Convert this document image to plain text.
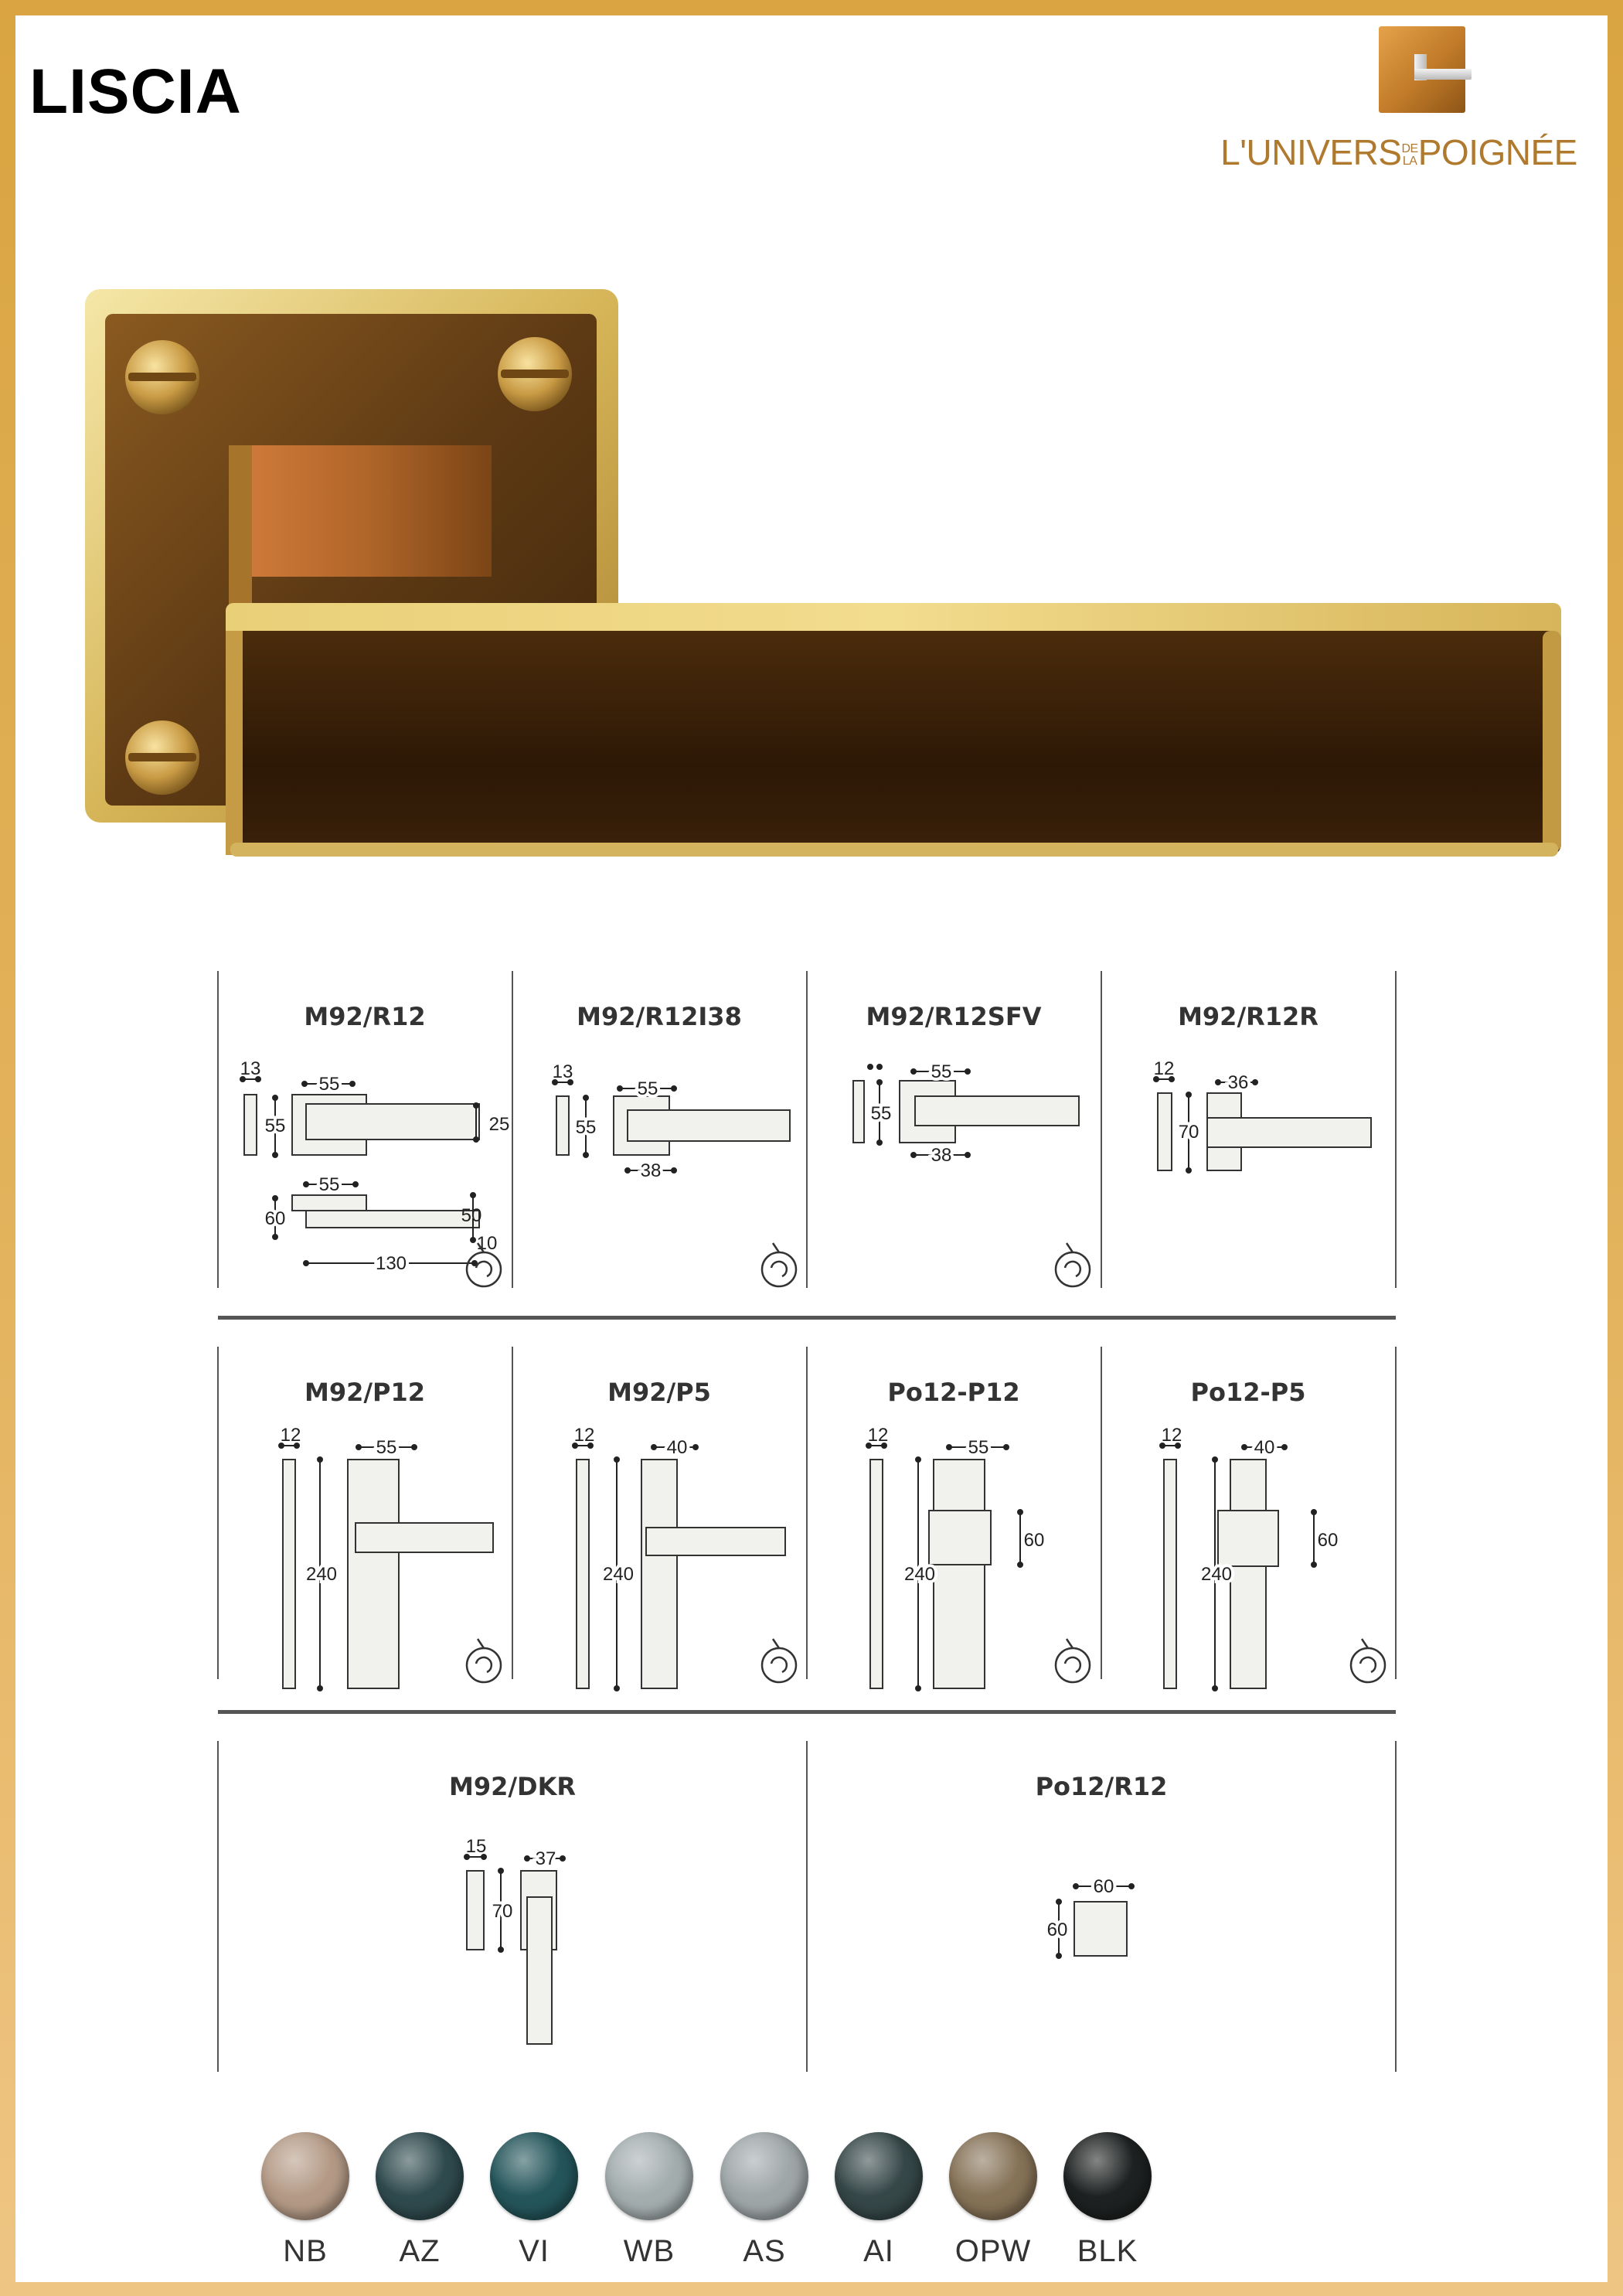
LISCIA
L'UNIVERSDE
LAPOIGNÉE
M92/R12	M92/R12I38	M92/R12SFV	M92/R12R
M92/P12	M92/P5	Po12-P12	Po12-P5
M92/DKR	Po12/R12
13
55
55	25
55
60	50
10
130
13
55
55
38
55
55
38
12
36
70
12
55
240
12
40
240
12
55
240
60
12
40
240
60
15
37
70
60
60
NB	AZ	VI	WB	AS	AI	OPW	BLK
